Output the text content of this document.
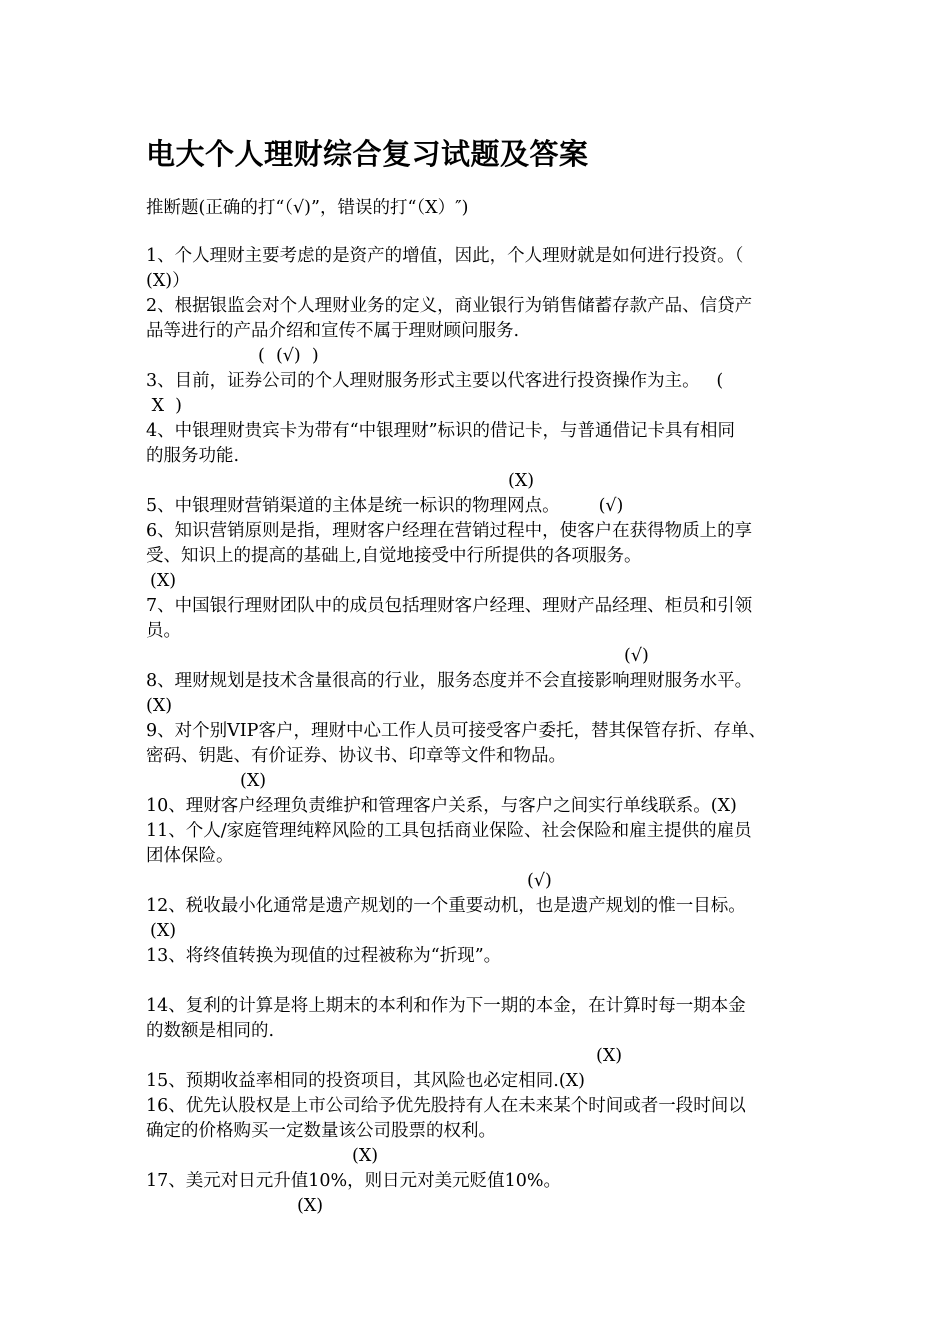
电大个人理财综合复习试题及答案
推断题(正确的打“（√)”，错误的打“（X）″)
1、个人理财主要考虑的是资产的增值，因此，个人理财就是如何进行投资。（
(X)）
2、根据银监会对个人理财业务的定义，商业银行为销售储蓄存款产品、信贷产
品等进行的产品介绍和宣传不属于理财顾问服务.
(  (√)  )
3、目前，证券公司的个人理财服务形式主要以代客进行投资操作为主。   (
X  )
4、中银理财贵宾卡为带有“中银理财”标识的借记卡，与普通借记卡具有相同
的服务功能.
(X)
5、中银理财营销渠道的主体是统一标识的物理网点。       (√)
6、知识营销原则是指，理财客户经理在营销过程中，使客户在获得物质上的享
受、知识上的提高的基础上,自觉地接受中行所提供的各项服务。
(X)
7、中国银行理财团队中的成员包括理财客户经理、理财产品经理、柜员和引领
员。
(√)
8、理财规划是技术含量很高的行业，服务态度并不会直接影响理财服务水平。
(X)
9、对个别VIP客户，理财中心工作人员可接受客户委托，替其保管存折、存单、
密码、钥匙、有价证券、协议书、印章等文件和物品。
(X)
10、理财客户经理负责维护和管理客户关系，与客户之间实行单线联系。(X)
11、个人/家庭管理纯粹风险的工具包括商业保险、社会保险和雇主提供的雇员
团体保险。
(√)
12、税收最小化通常是遗产规划的一个重要动机，也是遗产规划的惟一目标。
(X)
13、将终值转换为现值的过程被称为“折现”。
14、复利的计算是将上期末的本利和作为下一期的本金，在计算时每一期本金
的数额是相同的.
(X)
15、预期收益率相同的投资项目，其风险也必定相同.(X)
16、优先认股权是上市公司给予优先股持有人在未来某个时间或者一段时间以
确定的价格购买一定数量该公司股票的权利。
(X)
17、美元对日元升值10%，则日元对美元贬值10%。
(X)
